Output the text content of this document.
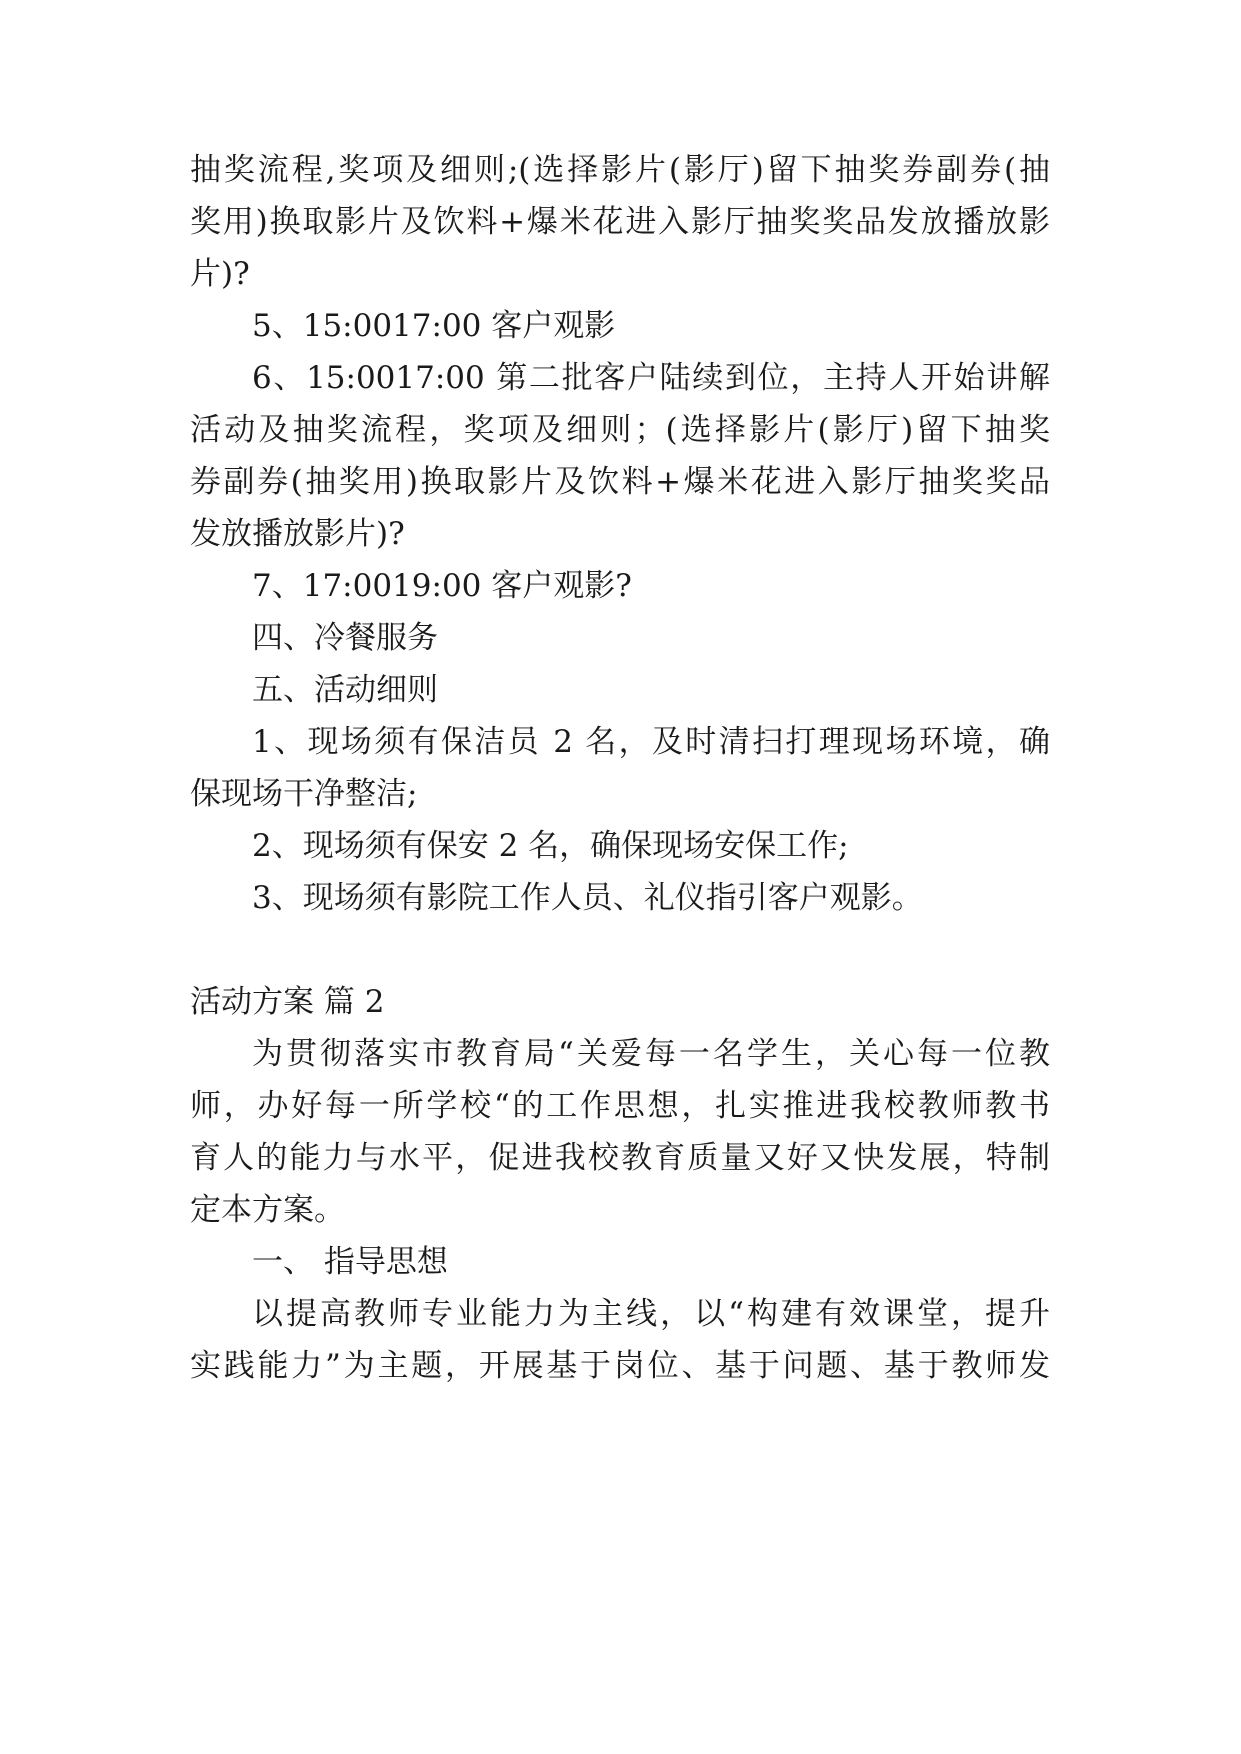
抽奖流程,奖项及细则;(选择影片(影厅)留下抽奖券副券(抽
奖用)换取影片及饮料+爆米花进入影厅抽奖奖品发放播放影
片)?
5、15:0017:00 客户观影
6、15:0017:00 第二批客户陆续到位，主持人开始讲解
活动及抽奖流程，奖项及细则；(选择影片(影厅)留下抽奖
券副券(抽奖用)换取影片及饮料+爆米花进入影厅抽奖奖品
发放播放影片)?
7、17:0019:00 客户观影?
四、冷餐服务
五、活动细则
1、现场须有保洁员 2 名，及时清扫打理现场环境，确
保现场干净整洁;
2、现场须有保安 2 名，确保现场安保工作;
3、现场须有影院工作人员、礼仪指引客户观影。
活动方案 篇 2
为贯彻落实市教育局“关爱每一名学生，关心每一位教
师，办好每一所学校“的工作思想，扎实推进我校教师教书
育人的能力与水平，促进我校教育质量又好又快发展，特制
定本方案。
一、 指导思想
以提高教师专业能力为主线，以“构建有效课堂，提升
实践能力”为主题，开展基于岗位、基于问题、基于教师发
